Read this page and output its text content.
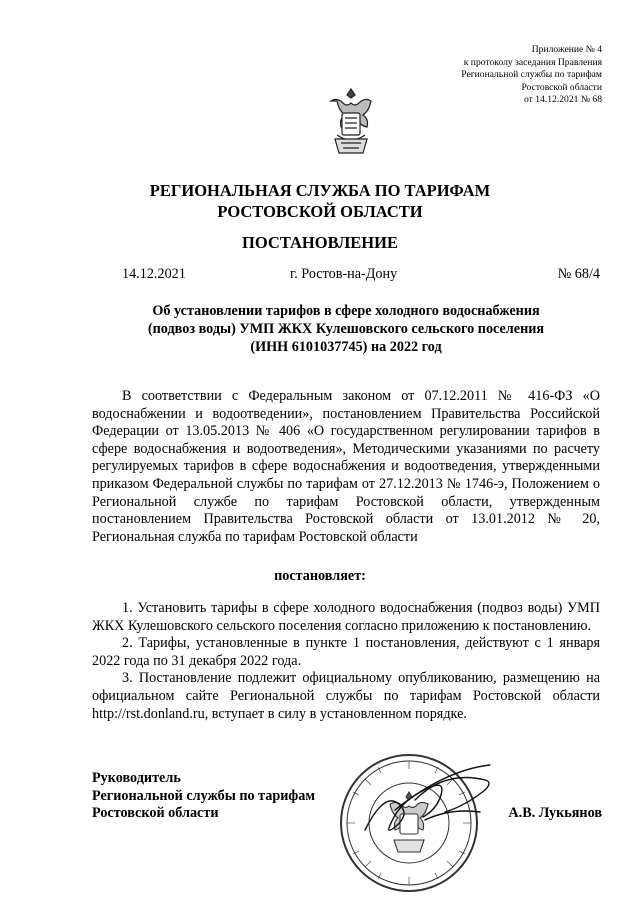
Приложение № 4
к протоколу заседания Правления
Региональной службы по тарифам
Ростовской области
от 14.12.2021 № 68
РЕГИОНАЛЬНАЯ СЛУЖБА ПО ТАРИФАМ
РОСТОВСКОЙ ОБЛАСТИ
ПОСТАНОВЛЕНИЕ
14.12.2021	г. Ростов-на-Дону	№ 68/4
Об установлении тарифов в сфере холодного водоснабжения
(подвоз воды) УМП ЖКХ Кулешовского сельского поселения
(ИНН 6101037745) на 2022 год

В соответствии с Федеральным законом от 07.12.2011 № 416-ФЗ «О водоснабжении и водоотведении», постановлением Правительства Российской Федерации от 13.05.2013 № 406 «О государственном регулировании тарифов в сфере водоснабжения и водоотведения», Методическими указаниями по расчету регулируемых тарифов в сфере водоснабжения и водоотведения, утвержденными приказом Федеральной службы по тарифам от 27.12.2013 № 1746-э, Положением о Региональной службе по тарифам Ростовской области, утвержденным постановлением Правительства Ростовской области от 13.01.2012 № 20, Региональная служба по тарифам Ростовской области

постановляет:

1. Установить тарифы в сфере холодного водоснабжения (подвоз воды) УМП ЖКХ Кулешовского сельского поселения согласно приложению к постановлению.

2. Тарифы, установленные в пункте 1 постановления, действуют с 1 января 2022 года по 31 декабря 2022 года.

3. Постановление подлежит официальному опубликованию, размещению на официальном сайте Региональной службы по тарифам Ростовской области http://rst.donland.ru, вступает в силу в установленном порядке.

Руководитель
Региональной службы по тарифам
Ростовской области	А.В. Лукьянов
